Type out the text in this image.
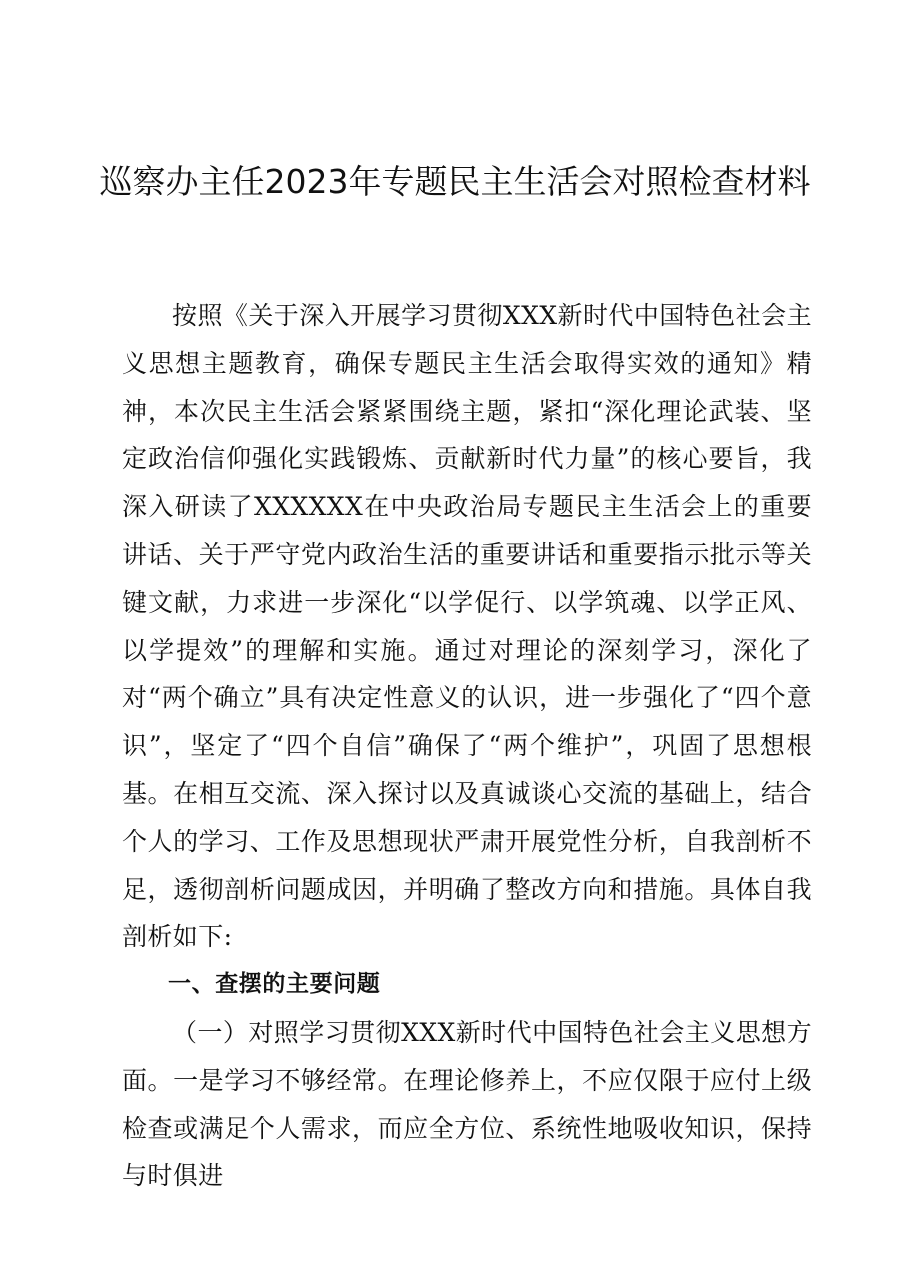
巡察办主任2023年专题民主生活会对照检查材料

按照《关于深入开展学习贯彻XXX新时代中国特色社会主义思想主题教育，确保专题民主生活会取得实效的通知》精神，本次民主生活会紧紧围绕主题，紧扣“深化理论武装、坚定政治信仰强化实践锻炼、贡献新时代力量”的核心要旨，我深入研读了XXXXXX在中央政治局专题民主生活会上的重要讲话、关于严守党内政治生活的重要讲话和重要指示批示等关键文献，力求进一步深化“以学促行、以学筑魂、以学正风、以学提效”的理解和实施。通过对理论的深刻学习，深化了对“两个确立”具有决定性意义的认识，进一步强化了“四个意识”，坚定了“四个自信”确保了“两个维护”，巩固了思想根基。在相互交流、深入探讨以及真诚谈心交流的基础上，结合个人的学习、工作及思想现状严肃开展党性分析，自我剖析不足，透彻剖析问题成因，并明确了整改方向和措施。具体自我剖析如下:

一、查摆的主要问题

（一）对照学习贯彻XXX新时代中国特色社会主义思想方面。一是学习不够经常。在理论修养上，不应仅限于应付上级检查或满足个人需求，而应全方位、系统性地吸收知识，保持与时俱进
